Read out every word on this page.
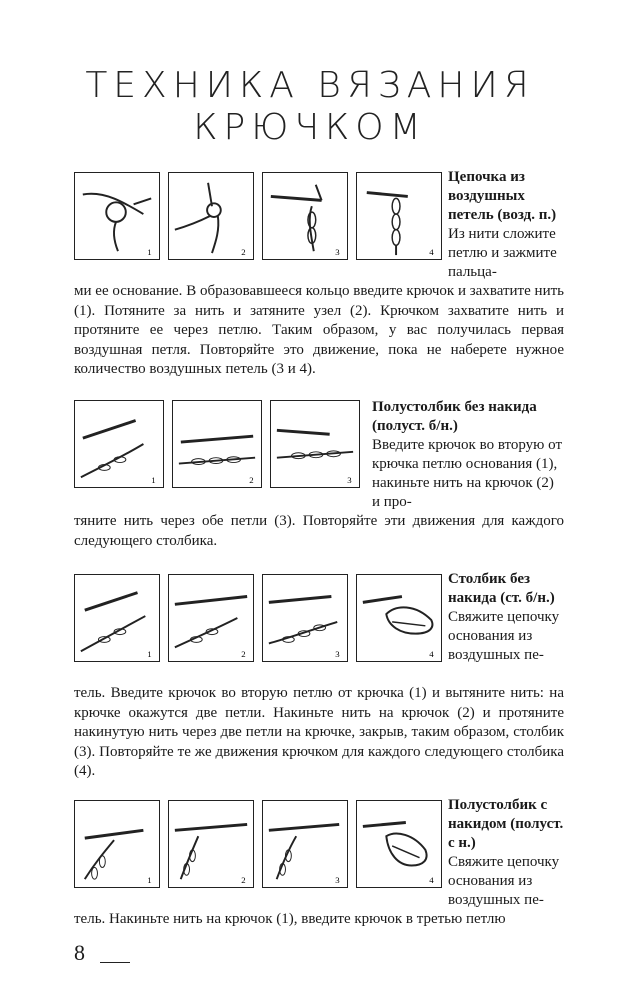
ТЕХНИКА ВЯЗАНИЯ
КРЮЧКОМ
1	2	3	4
Цепочка из воздушных петель (возд. п.)
Из нити сложите петлю и зажмите пальца-
ми ее основание. В образовавшееся кольцо введите крючок и захватите нить (1). Потяните за нить и затяните узел (2). Крючком захватите нить и протяните ее через петлю. Таким образом, у вас получилась первая воздушная петля. Повторяйте это движение, пока не наберете нужное количество воздушных петель (3 и 4).
1	2	3
Полустолбик без накида (полуст. б/н.)
Введите крючок во вторую от крючка петлю основания (1), накиньте нить на крючок (2) и про-
тяните нить через обе петли (3). Повторяйте эти движения для каждого следующего столбика.
1	2	3	4
Столбик без накида (ст. б/н.)
Свяжите цепочку основания из воздушных пе-
тель. Введите крючок во вторую петлю от крючка (1) и вытяните нить: на крючке окажутся две петли. Накиньте нить на крючок (2) и протяните накинутую нить через две петли на крючке, закрыв, таким образом, столбик (3). Повторяйте те же движения крючком для каждого следующего столбика (4).
1	2	3	4
Полустолбик с накидом (полуст. с н.)
Свяжите цепочку основания из воздушных пе-
тель. Накиньте нить на крючок (1), введите крючок в третью петлю
8
